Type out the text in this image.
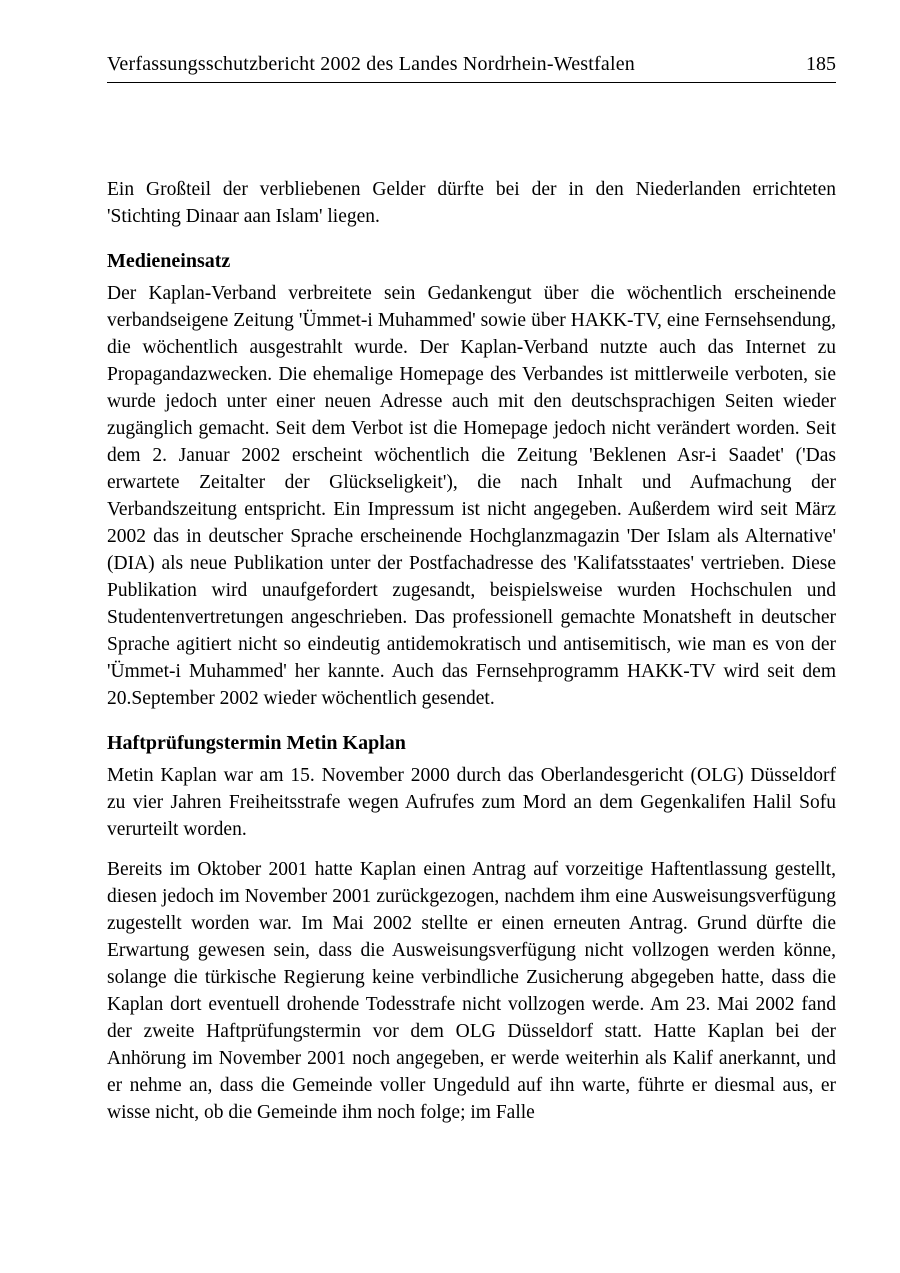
Verfassungsschutzbericht 2002 des Landes Nordrhein-Westfalen	185

Ein Großteil der verbliebenen Gelder dürfte bei der in den Niederlanden errichteten 'Stichting Dinaar aan Islam' liegen.

Medieneinsatz

Der Kaplan-Verband verbreitete sein Gedankengut über die wöchentlich erscheinende verbandseigene Zeitung 'Ümmet-i Muhammed' sowie über HAKK-TV, eine Fernsehsendung, die wöchentlich ausgestrahlt wurde. Der Kaplan-Verband nutzte auch das Internet zu Propagandazwecken. Die ehemalige Homepage des Verbandes ist mittlerweile verboten, sie wurde jedoch unter einer neuen Adresse auch mit den deutschsprachigen Seiten wieder zugänglich gemacht. Seit dem Verbot ist die Homepage jedoch nicht verändert worden. Seit dem 2. Januar 2002 erscheint wöchentlich die Zeitung 'Beklenen Asr-i Saadet' ('Das erwartete Zeitalter der Glückseligkeit'), die nach Inhalt und Aufmachung der Verbandszeitung entspricht. Ein Impressum ist nicht angegeben. Außerdem wird seit März 2002 das in deutscher Sprache erscheinende Hochglanzmagazin 'Der Islam als Alternative' (DIA) als neue Publikation unter der Postfachadresse des 'Kalifatsstaates' vertrieben. Diese Publikation wird unaufgefordert zugesandt, beispielsweise wurden Hochschulen und Studentenvertretungen angeschrieben. Das professionell gemachte Monatsheft in deutscher Sprache agitiert nicht so eindeutig antidemokratisch und antisemitisch, wie man es von der 'Ümmet-i Muhammed' her kannte. Auch das Fernsehprogramm HAKK-TV wird seit dem 20.September 2002 wieder wöchentlich gesendet.

Haftprüfungstermin Metin Kaplan

Metin Kaplan war am 15. November 2000 durch das Oberlandesgericht (OLG) Düsseldorf zu vier Jahren Freiheitsstrafe wegen Aufrufes zum Mord an dem Gegenkalifen Halil Sofu verurteilt worden.

Bereits im Oktober 2001 hatte Kaplan einen Antrag auf vorzeitige Haftentlassung gestellt, diesen jedoch im November 2001 zurückgezogen, nachdem ihm eine Ausweisungsverfügung zugestellt worden war. Im Mai 2002 stellte er einen erneuten Antrag. Grund dürfte die Erwartung gewesen sein, dass die Ausweisungsverfügung nicht vollzogen werden könne, solange die türkische Regierung keine verbindliche Zusicherung abgegeben hatte, dass die Kaplan dort eventuell drohende Todesstrafe nicht vollzogen werde. Am 23. Mai 2002 fand der zweite Haftprüfungstermin vor dem OLG Düsseldorf statt. Hatte Kaplan bei der Anhörung im November 2001 noch angegeben, er werde weiterhin als Kalif anerkannt, und er nehme an, dass die Gemeinde voller Ungeduld auf ihn warte, führte er diesmal aus, er wisse nicht, ob die Gemeinde ihm noch folge; im Falle
